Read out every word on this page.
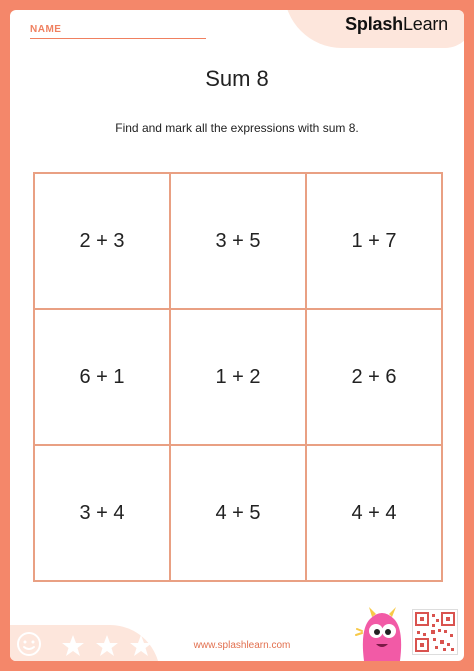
NAME	SplashLearn
Sum 8
Find and mark all the expressions with sum 8.
2 + 3	3 + 5	1 + 7
6 + 1	1 + 2	2 + 6
3 + 4	4 + 5	4 + 4
www.splashlearn.com
